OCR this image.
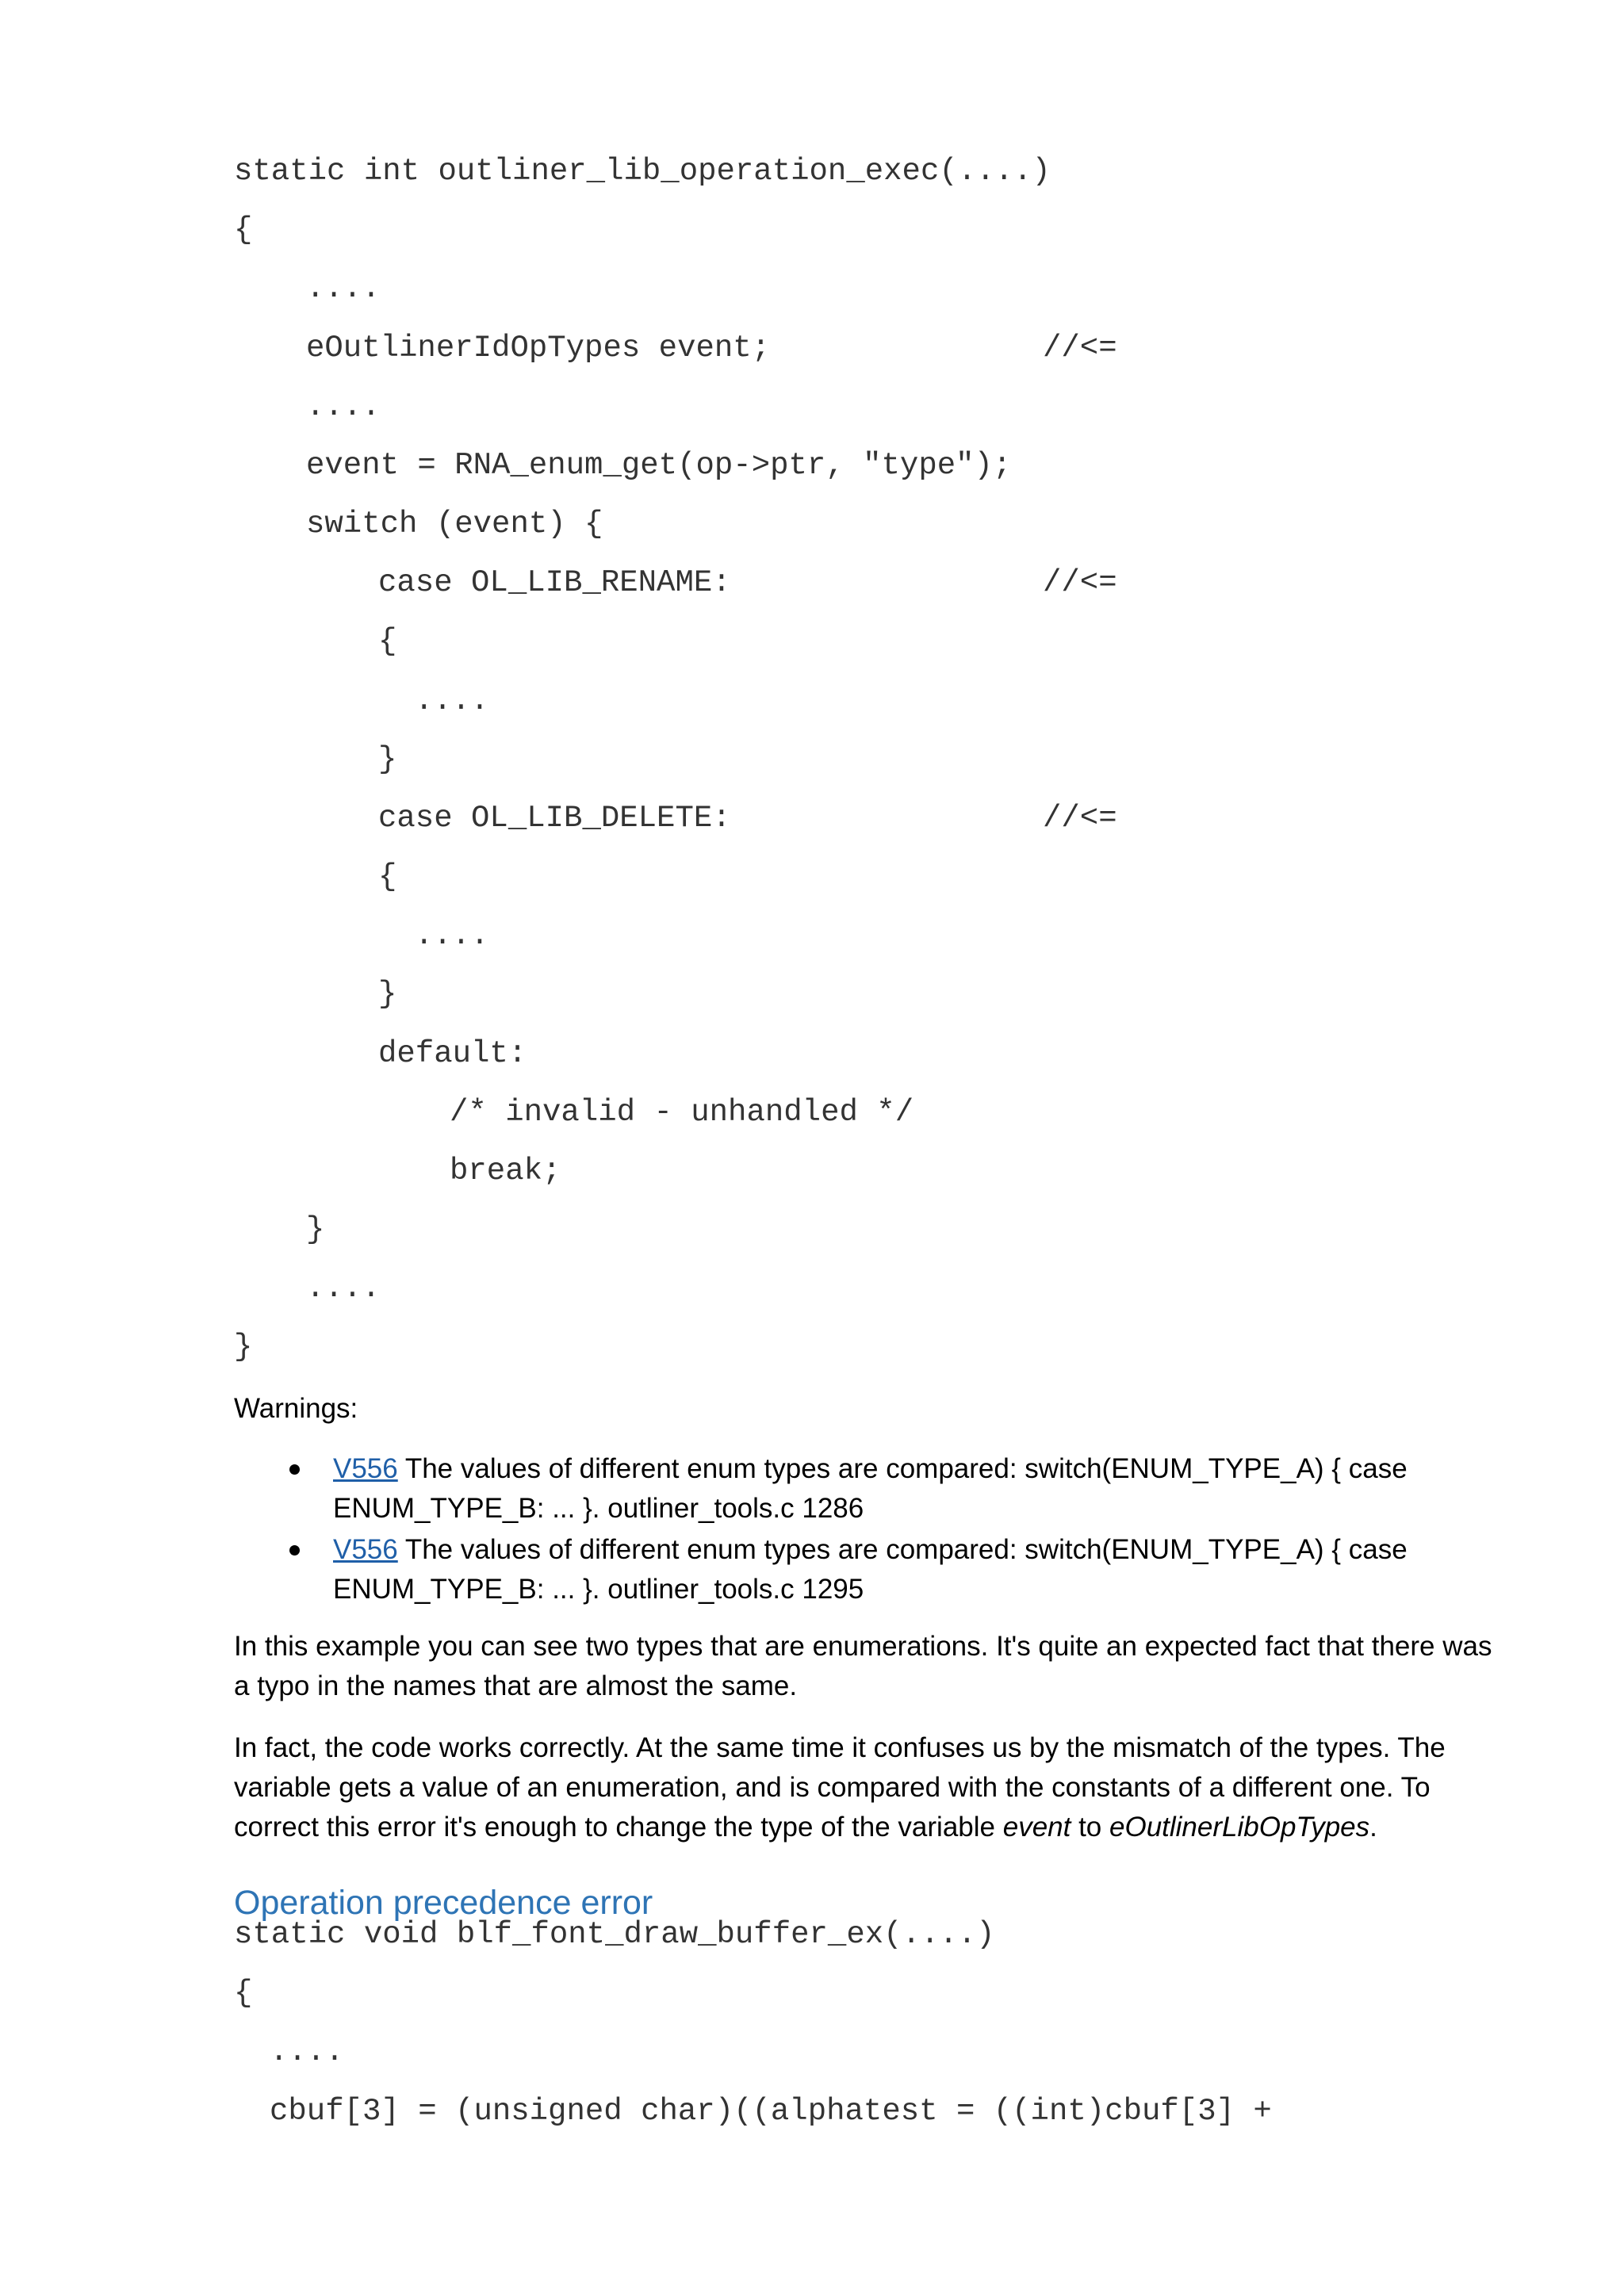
static int outliner_lib_operation_exec(....)
{
....
eOutlinerIdOpTypes event;	//<=
....
event = RNA_enum_get(op->ptr, "type");
switch (event) {
case OL_LIB_RENAME:	//<=
{
....
}
case OL_LIB_DELETE:	//<=
{
....
}
default:
/* invalid - unhandled */
break;
}
....
}
Warnings:
V556 The values of different enum types are compared: switch(ENUM_TYPE_A) { case ENUM_TYPE_B: ... }. outliner_tools.c 1286
V556 The values of different enum types are compared: switch(ENUM_TYPE_A) { case ENUM_TYPE_B: ... }. outliner_tools.c 1295
In this example you can see two types that are enumerations. It's quite an expected fact that there was a typo in the names that are almost the same.
In fact, the code works correctly. At the same time it confuses us by the mismatch of the types. The variable gets a value of an enumeration, and is compared with the constants of a different one. To correct this error it's enough to change the type of the variable event to eOutlinerLibOpTypes.
Operation precedence error
static void blf_font_draw_buffer_ex(....)
{
....
cbuf[3] = (unsigned char)((alphatest = ((int)cbuf[3] +
